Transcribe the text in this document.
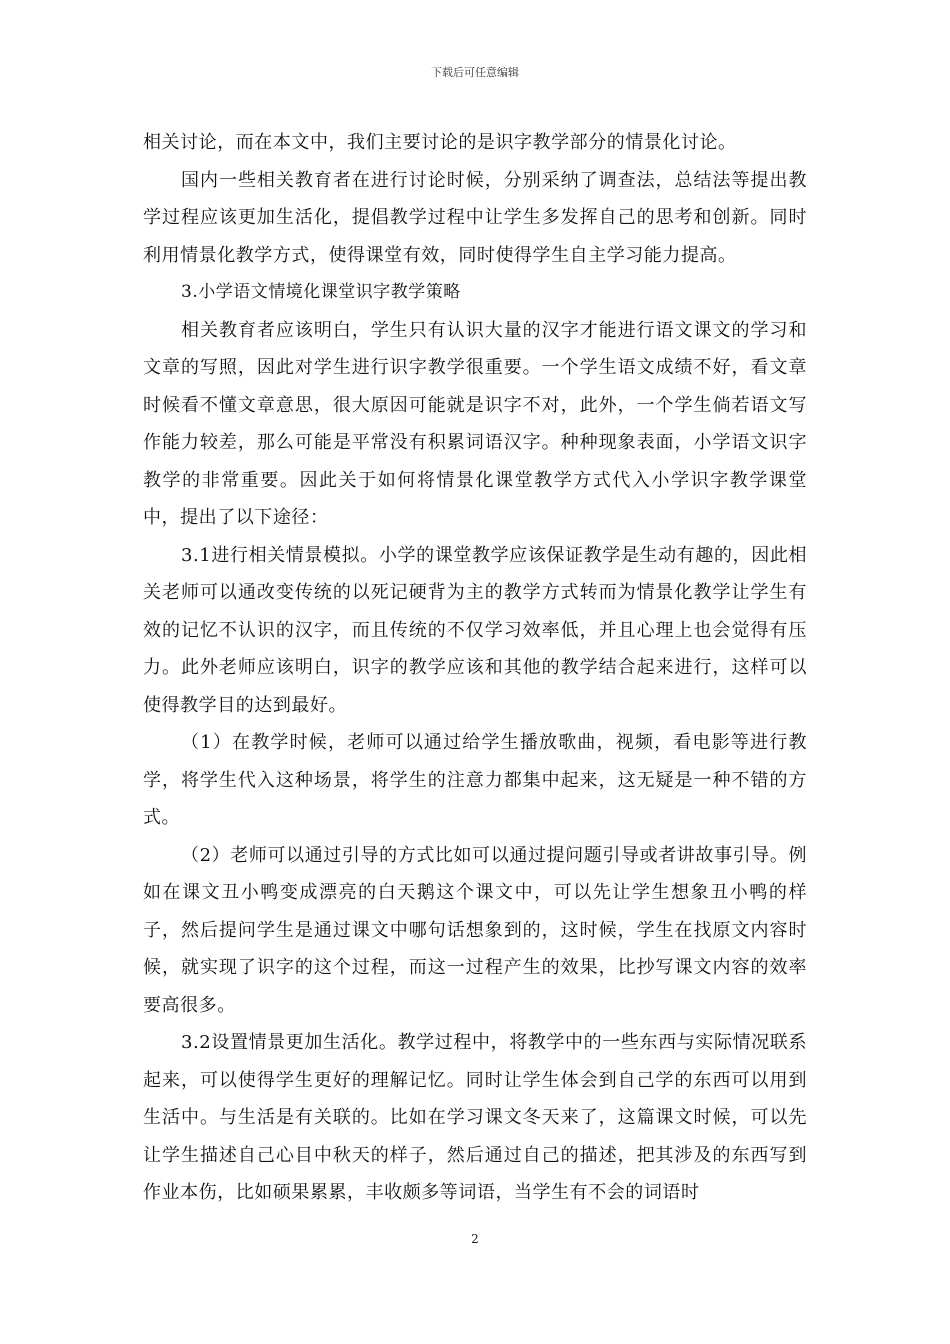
下载后可任意编辑

相关讨论，而在本文中，我们主要讨论的是识字教学部分的情景化讨论。

国内一些相关教育者在进行讨论时候，分别采纳了调查法，总结法等提出教学过程应该更加生活化，提倡教学过程中让学生多发挥自己的思考和创新。同时利用情景化教学方式，使得课堂有效，同时使得学生自主学习能力提高。

3.小学语文情境化课堂识字教学策略

相关教育者应该明白，学生只有认识大量的汉字才能进行语文课文的学习和文章的写照，因此对学生进行识字教学很重要。一个学生语文成绩不好，看文章时候看不懂文章意思，很大原因可能就是识字不对，此外，一个学生倘若语文写作能力较差，那么可能是平常没有积累词语汉字。种种现象表面，小学语文识字教学的非常重要。因此关于如何将情景化课堂教学方式代入小学识字教学课堂中，提出了以下途径：

3.1进行相关情景模拟。小学的课堂教学应该保证教学是生动有趣的，因此相关老师可以通改变传统的以死记硬背为主的教学方式转而为情景化教学让学生有效的记忆不认识的汉字，而且传统的不仅学习效率低，并且心理上也会觉得有压力。此外老师应该明白，识字的教学应该和其他的教学结合起来进行，这样可以使得教学目的达到最好。

（1）在教学时候，老师可以通过给学生播放歌曲，视频，看电影等进行教学，将学生代入这种场景，将学生的注意力都集中起来，这无疑是一种不错的方式。

（2）老师可以通过引导的方式比如可以通过提问题引导或者讲故事引导。例如在课文丑小鸭变成漂亮的白天鹅这个课文中，可以先让学生想象丑小鸭的样子，然后提问学生是通过课文中哪句话想象到的，这时候，学生在找原文内容时候，就实现了识字的这个过程，而这一过程产生的效果，比抄写课文内容的效率要高很多。

3.2设置情景更加生活化。教学过程中，将教学中的一些东西与实际情况联系起来，可以使得学生更好的理解记忆。同时让学生体会到自己学的东西可以用到生活中。与生活是有关联的。比如在学习课文冬天来了，这篇课文时候，可以先让学生描述自己心目中秋天的样子，然后通过自己的描述，把其涉及的东西写到作业本伤，比如硕果累累，丰收颇多等词语，当学生有不会的词语时

2
